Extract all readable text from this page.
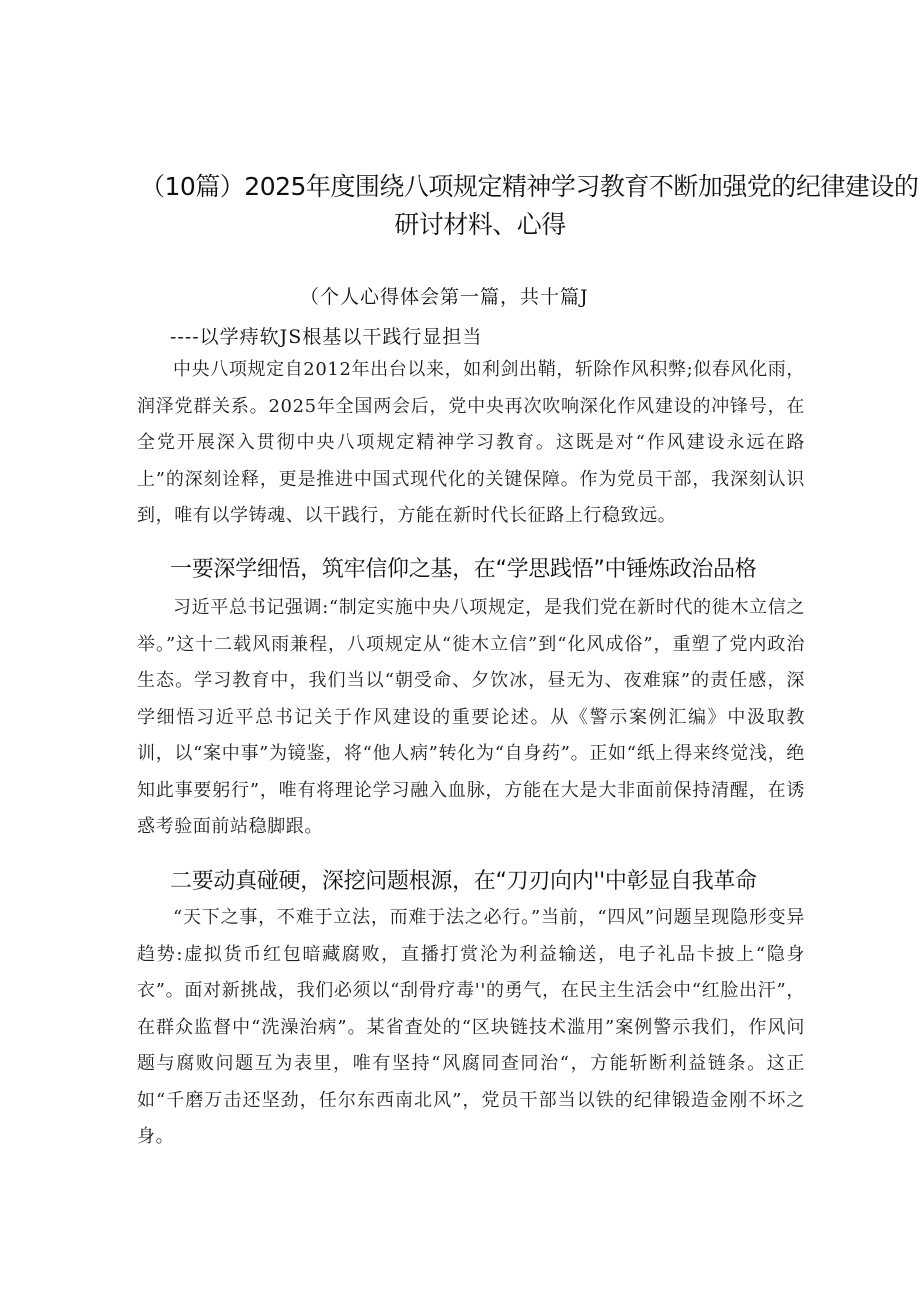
（10篇）2025年度围绕八项规定精神学习教育不断加强党的纪律建设的
研讨材料、心得
（个人心得体会第一篇，共十篇J
----以学痔软JS根基以干践行显担当

中央八项规定自2012年出台以来，如利剑出鞘，斩除作风积弊;似春风化雨，润泽党群关系。2025年全国两会后，党中央再次吹响深化作风建设的冲锋号，在全党开展深入贯彻中央八项规定精神学习教育。这既是对“作风建设永远在路上”的深刻诠释，更是推进中国式现代化的关键保障。作为党员干部，我深刻认识到，唯有以学铸魂、以干践行，方能在新时代长征路上行稳致远。

一要深学细悟，筑牢信仰之基，在“学思践悟”中锤炼政治品格

习近平总书记强调:“制定实施中央八项规定，是我们党在新时代的徙木立信之举。”这十二载风雨兼程，八项规定从“徙木立信”到“化风成俗”，重塑了党内政治生态。学习教育中，我们当以“朝受命、夕饮冰，昼无为、夜难寐”的责任感，深学细悟习近平总书记关于作风建设的重要论述。从《警示案例汇编》中汲取教训，以“案中事”为镜鉴，将“他人病”转化为“自身药”。正如“纸上得来终觉浅，绝知此事要躬行”，唯有将理论学习融入血脉，方能在大是大非面前保持清醒，在诱惑考验面前站稳脚跟。

二要动真碰硬，深挖问题根源，在“刀刃向内''中彰显自我革命

“天下之事，不难于立法，而难于法之必行。”当前，“四风”问题呈现隐形变异趋势:虚拟货币红包暗藏腐败，直播打赏沦为利益输送，电子礼品卡披上“隐身衣”。面对新挑战，我们必须以“刮骨疗毒''的勇气，在民主生活会中“红脸出汗”，在群众监督中“洗澡治病”。某省査处的“区块链技术滥用”案例警示我们，作风问题与腐败问题互为表里，唯有坚持“风腐同查同治“，方能斩断利益链条。这正如“千磨万击还坚劲，任尔东西南北风”，党员干部当以铁的纪律锻造金刚不坏之身。
